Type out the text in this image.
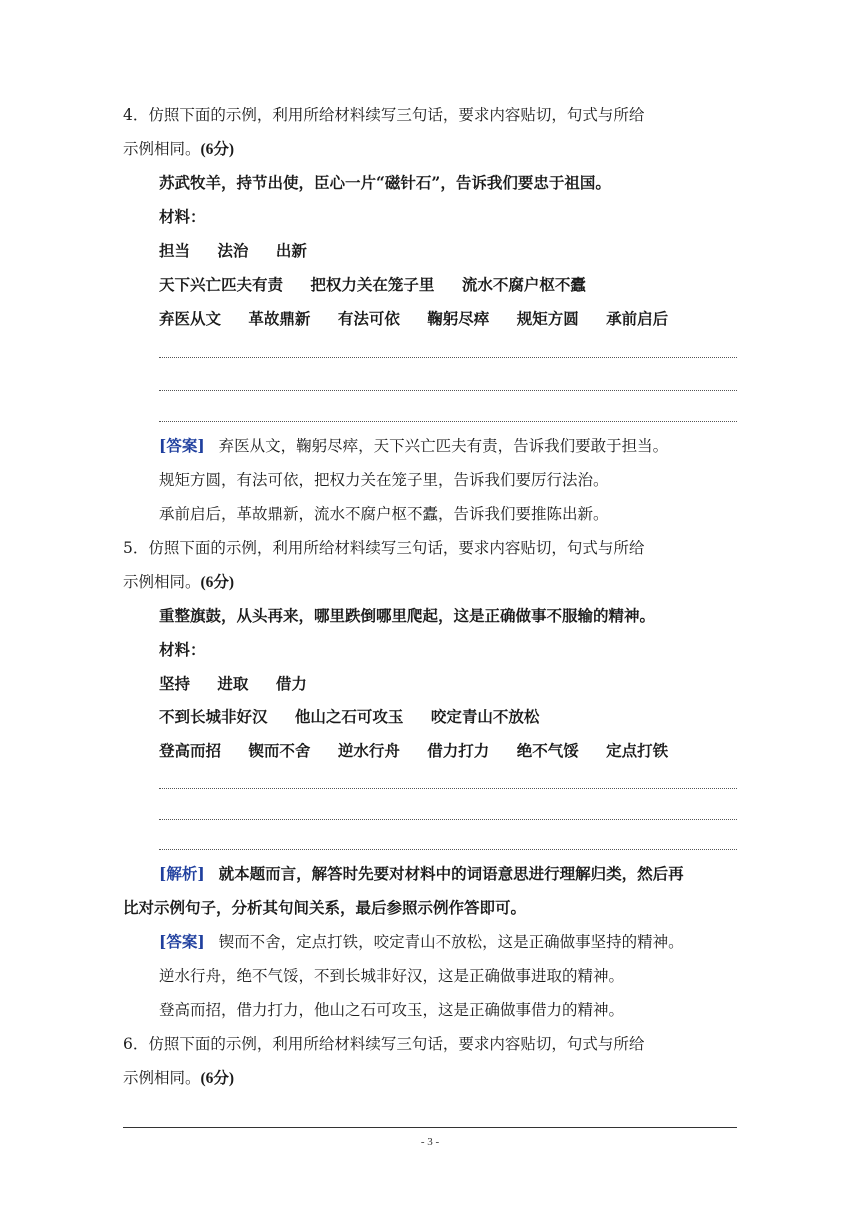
4．仿照下面的示例，利用所给材料续写三句话，要求内容贴切，句式与所给
示例相同。(6分)
苏武牧羊，持节出使，臣心一片“磁针石”，告诉我们要忠于祖国。
材料：
担当 法治 出新
天下兴亡匹夫有责 把权力关在笼子里 流水不腐户枢不蠹
弃医从文 革故鼎新 有法可依 鞠躬尽瘁 规矩方圆 承前启后
[答案] 弃医从文，鞠躬尽瘁，天下兴亡匹夫有责，告诉我们要敢于担当。
规矩方圆，有法可依，把权力关在笼子里，告诉我们要厉行法治。
承前启后，革故鼎新，流水不腐户枢不蠹，告诉我们要推陈出新。
5．仿照下面的示例，利用所给材料续写三句话，要求内容贴切，句式与所给
示例相同。(6分)
重整旗鼓，从头再来，哪里跌倒哪里爬起，这是正确做事不服输的精神。
材料：
坚持 进取 借力
不到长城非好汉 他山之石可攻玉 咬定青山不放松
登高而招 锲而不舍 逆水行舟 借力打力 绝不气馁 定点打铁
[解析] 就本题而言，解答时先要对材料中的词语意思进行理解归类，然后再
比对示例句子，分析其句间关系，最后参照示例作答即可。
[答案] 锲而不舍，定点打铁，咬定青山不放松，这是正确做事坚持的精神。
逆水行舟，绝不气馁，不到长城非好汉，这是正确做事进取的精神。
登高而招，借力打力，他山之石可攻玉，这是正确做事借力的精神。
6．仿照下面的示例，利用所给材料续写三句话，要求内容贴切，句式与所给
示例相同。(6分)
- 3 -
